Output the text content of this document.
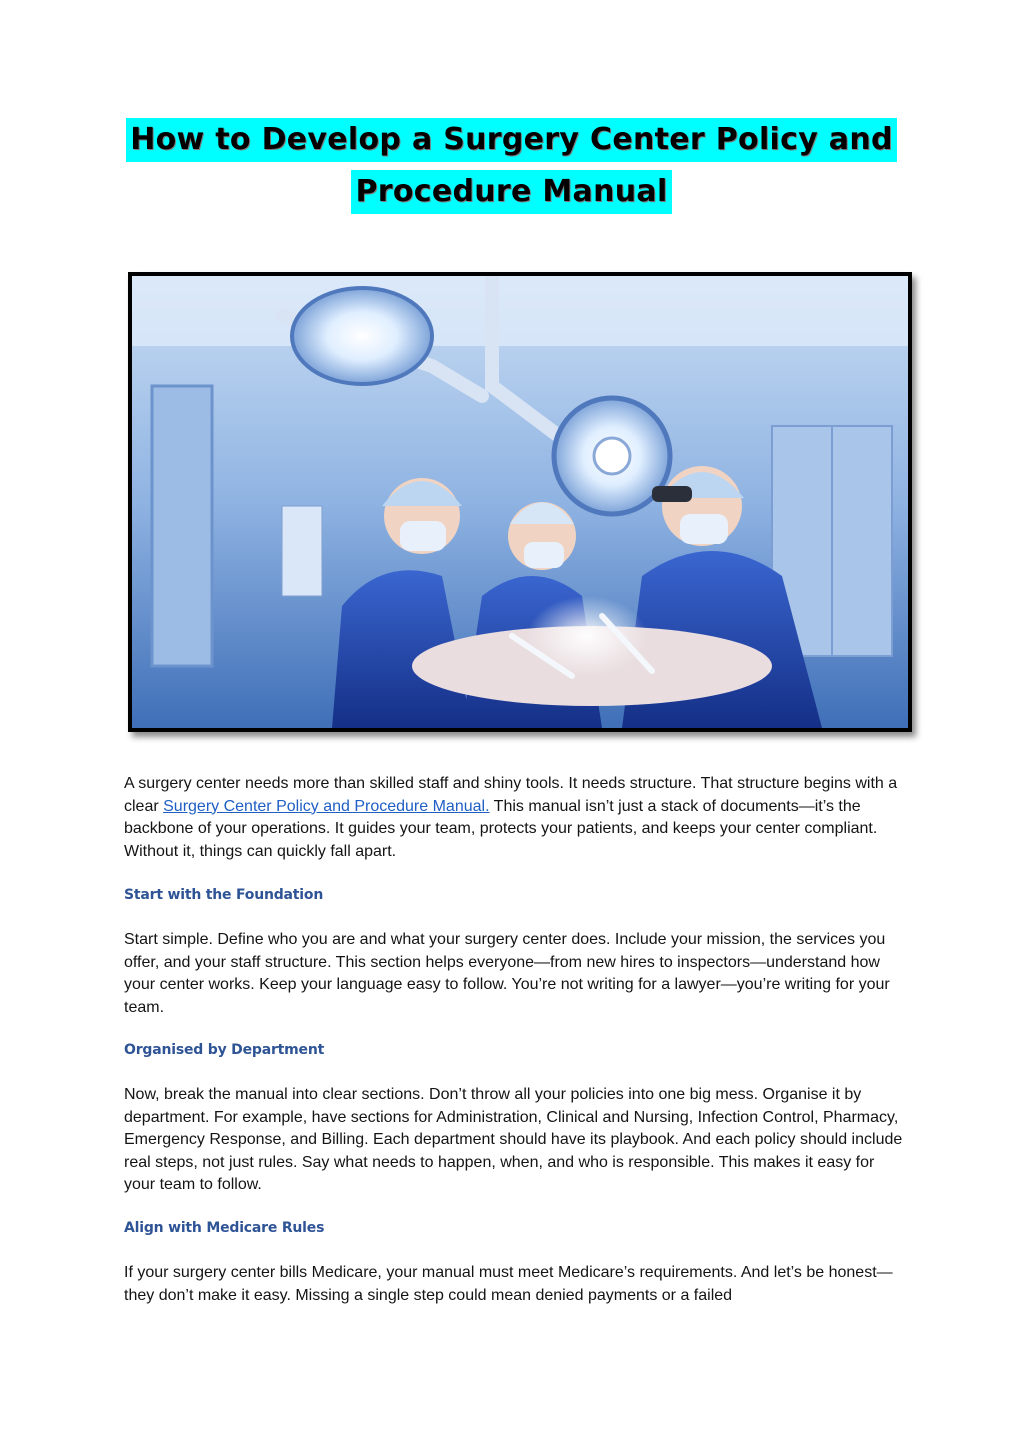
How to Develop a Surgery Center Policy and
Procedure Manual

A surgery center needs more than skilled staff and shiny tools. It needs structure. That structure begins with a clear Surgery Center Policy and Procedure Manual. This manual isn’t just a stack of documents—it’s the backbone of your operations. It guides your team, protects your patients, and keeps your center compliant. Without it, things can quickly fall apart.

Start with the Foundation

Start simple. Define who you are and what your surgery center does. Include your mission, the services you offer, and your staff structure. This section helps everyone—from new hires to inspectors—understand how your center works. Keep your language easy to follow. You’re not writing for a lawyer—you’re writing for your team.

Organised by Department

Now, break the manual into clear sections. Don’t throw all your policies into one big mess. Organise it by department. For example, have sections for Administration, Clinical and Nursing, Infection Control, Pharmacy, Emergency Response, and Billing. Each department should have its playbook. And each policy should include real steps, not just rules. Say what needs to happen, when, and who is responsible. This makes it easy for your team to follow.

Align with Medicare Rules

If your surgery center bills Medicare, your manual must meet Medicare’s requirements. And let’s be honest—they don’t make it easy. Missing a single step could mean denied payments or a failed
